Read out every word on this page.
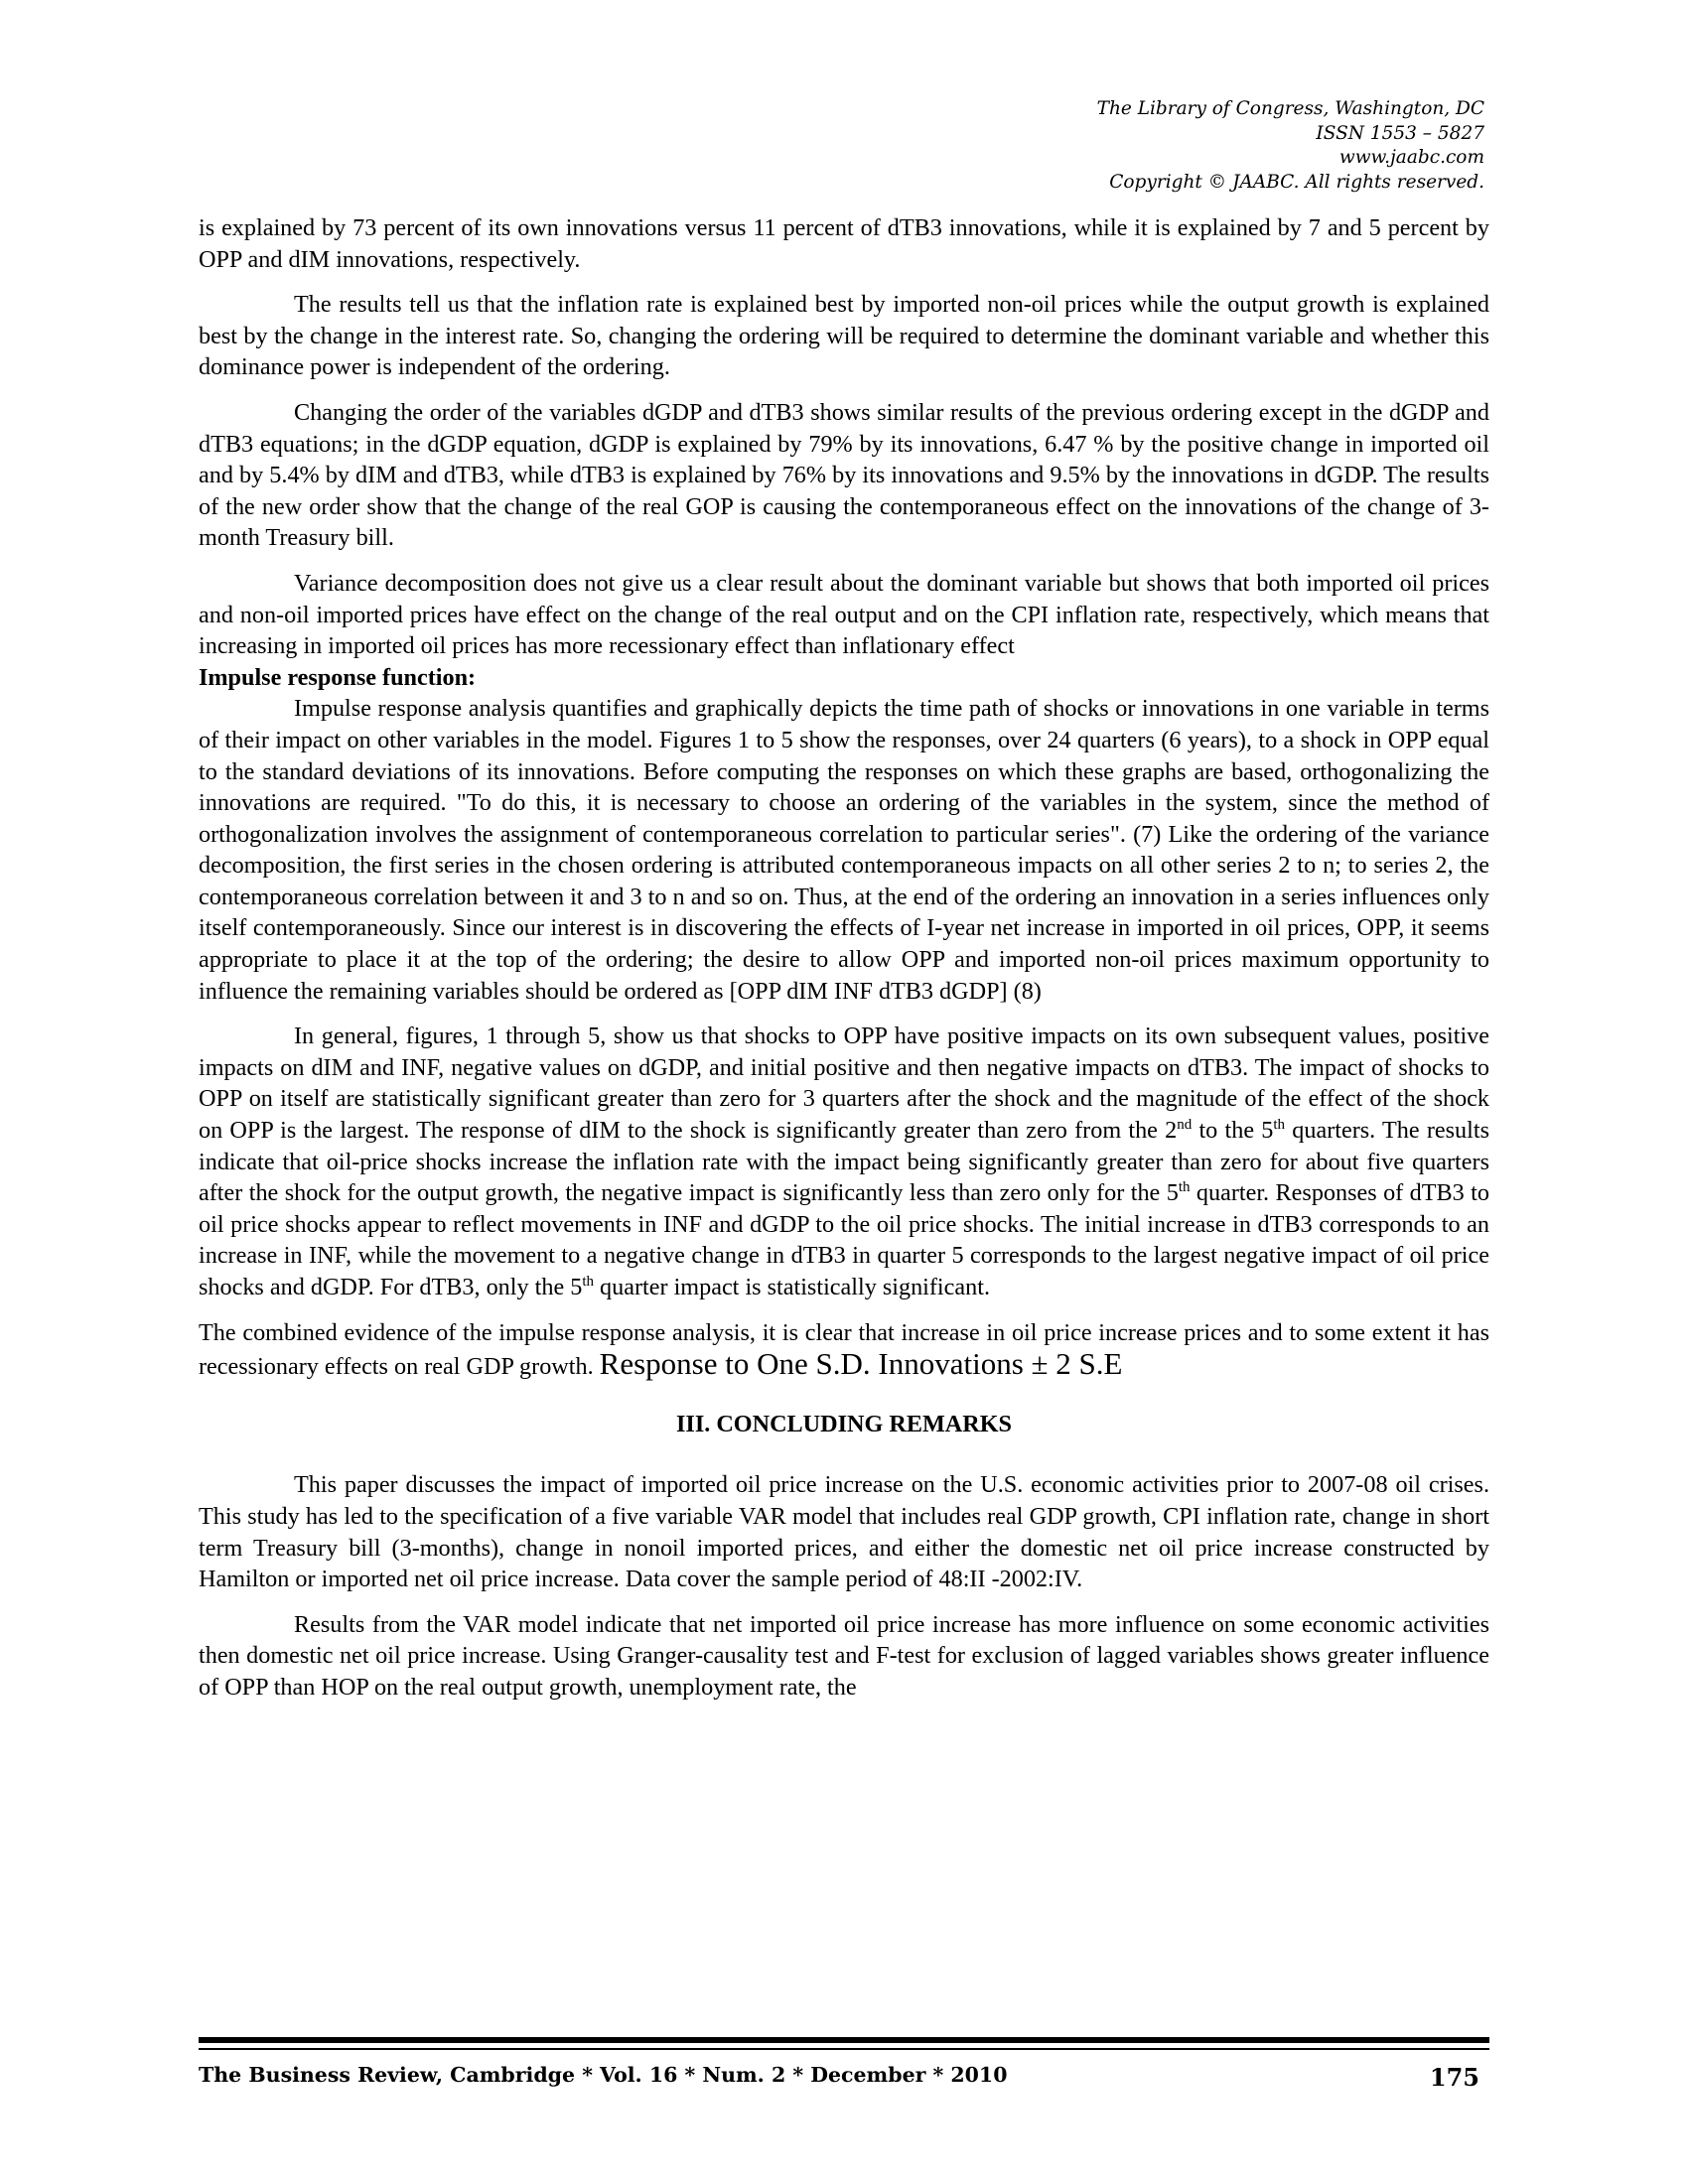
The Library of Congress, Washington, DC
ISSN 1553 – 5827
www.jaabc.com
Copyright © JAABC. All rights reserved.

is explained by 73 percent of its own innovations versus 11 percent of dTB3 innovations, while it is explained by 7 and 5 percent by OPP and dIM innovations, respectively.

The results tell us that the inflation rate is explained best by imported non-oil prices while the output growth is explained best by the change in the interest rate. So, changing the ordering will be required to determine the dominant variable and whether this dominance power is independent of the ordering.

Changing the order of the variables dGDP and dTB3 shows similar results of the previous ordering except in the dGDP and dTB3 equations; in the dGDP equation, dGDP is explained by 79% by its innovations, 6.47 % by the positive change in imported oil and by 5.4% by dIM and dTB3, while dTB3 is explained by 76% by its innovations and 9.5% by the innovations in dGDP. The results of the new order show that the change of the real GOP is causing the contemporaneous effect on the innovations of the change of 3-month Treasury bill.

Variance decomposition does not give us a clear result about the dominant variable but shows that both imported oil prices and non-oil imported prices have effect on the change of the real output and on the CPI inflation rate, respectively, which means that increasing in imported oil prices has more recessionary effect than inflationary effect

Impulse response function:

Impulse response analysis quantifies and graphically depicts the time path of shocks or innovations in one variable in terms of their impact on other variables in the model. Figures 1 to 5 show the responses, over 24 quarters (6 years), to a shock in OPP equal to the standard deviations of its innovations. Before computing the responses on which these graphs are based, orthogonalizing the innovations are required. "To do this, it is necessary to choose an ordering of the variables in the system, since the method of orthogonalization involves the assignment of contemporaneous correlation to particular series". (7) Like the ordering of the variance decomposition, the first series in the chosen ordering is attributed contemporaneous impacts on all other series 2 to n; to series 2, the contemporaneous correlation between it and 3 to n and so on. Thus, at the end of the ordering an innovation in a series influences only itself contemporaneously. Since our interest is in discovering the effects of I-year net increase in imported in oil prices, OPP, it seems appropriate to place it at the top of the ordering; the desire to allow OPP and imported non-oil prices maximum opportunity to influence the remaining variables should be ordered as [OPP dIM INF dTB3 dGDP] (8)

In general, figures, 1 through 5, show us that shocks to OPP have positive impacts on its own subsequent values, positive impacts on dIM and INF, negative values on dGDP, and initial positive and then negative impacts on dTB3. The impact of shocks to OPP on itself are statistically significant greater than zero for 3 quarters after the shock and the magnitude of the effect of the shock on OPP is the largest. The response of dIM to the shock is significantly greater than zero from the 2nd to the 5th quarters. The results indicate that oil-price shocks increase the inflation rate with the impact being significantly greater than zero for about five quarters after the shock for the output growth, the negative impact is significantly less than zero only for the 5th quarter. Responses of dTB3 to oil price shocks appear to reflect movements in INF and dGDP to the oil price shocks. The initial increase in dTB3 corresponds to an increase in INF, while the movement to a negative change in dTB3 in quarter 5 corresponds to the largest negative impact of oil price shocks and dGDP. For dTB3, only the 5th quarter impact is statistically significant.

The combined evidence of the impulse response analysis, it is clear that increase in oil price increase prices and to some extent it has recessionary effects on real GDP growth. Response to One S.D. Innovations ± 2 S.E

III. CONCLUDING REMARKS

This paper discusses the impact of imported oil price increase on the U.S. economic activities prior to 2007-08 oil crises. This study has led to the specification of a five variable VAR model that includes real GDP growth, CPI inflation rate, change in short term Treasury bill (3-months), change in nonoil imported prices, and either the domestic net oil price increase constructed by Hamilton or imported net oil price increase. Data cover the sample period of 48:II -2002:IV.

Results from the VAR model indicate that net imported oil price increase has more influence on some economic activities then domestic net oil price increase. Using Granger-causality test and F-test for exclusion of lagged variables shows greater influence of OPP than HOP on the real output growth, unemployment rate, the

The Business Review, Cambridge * Vol. 16 * Num. 2 * December * 2010	175
